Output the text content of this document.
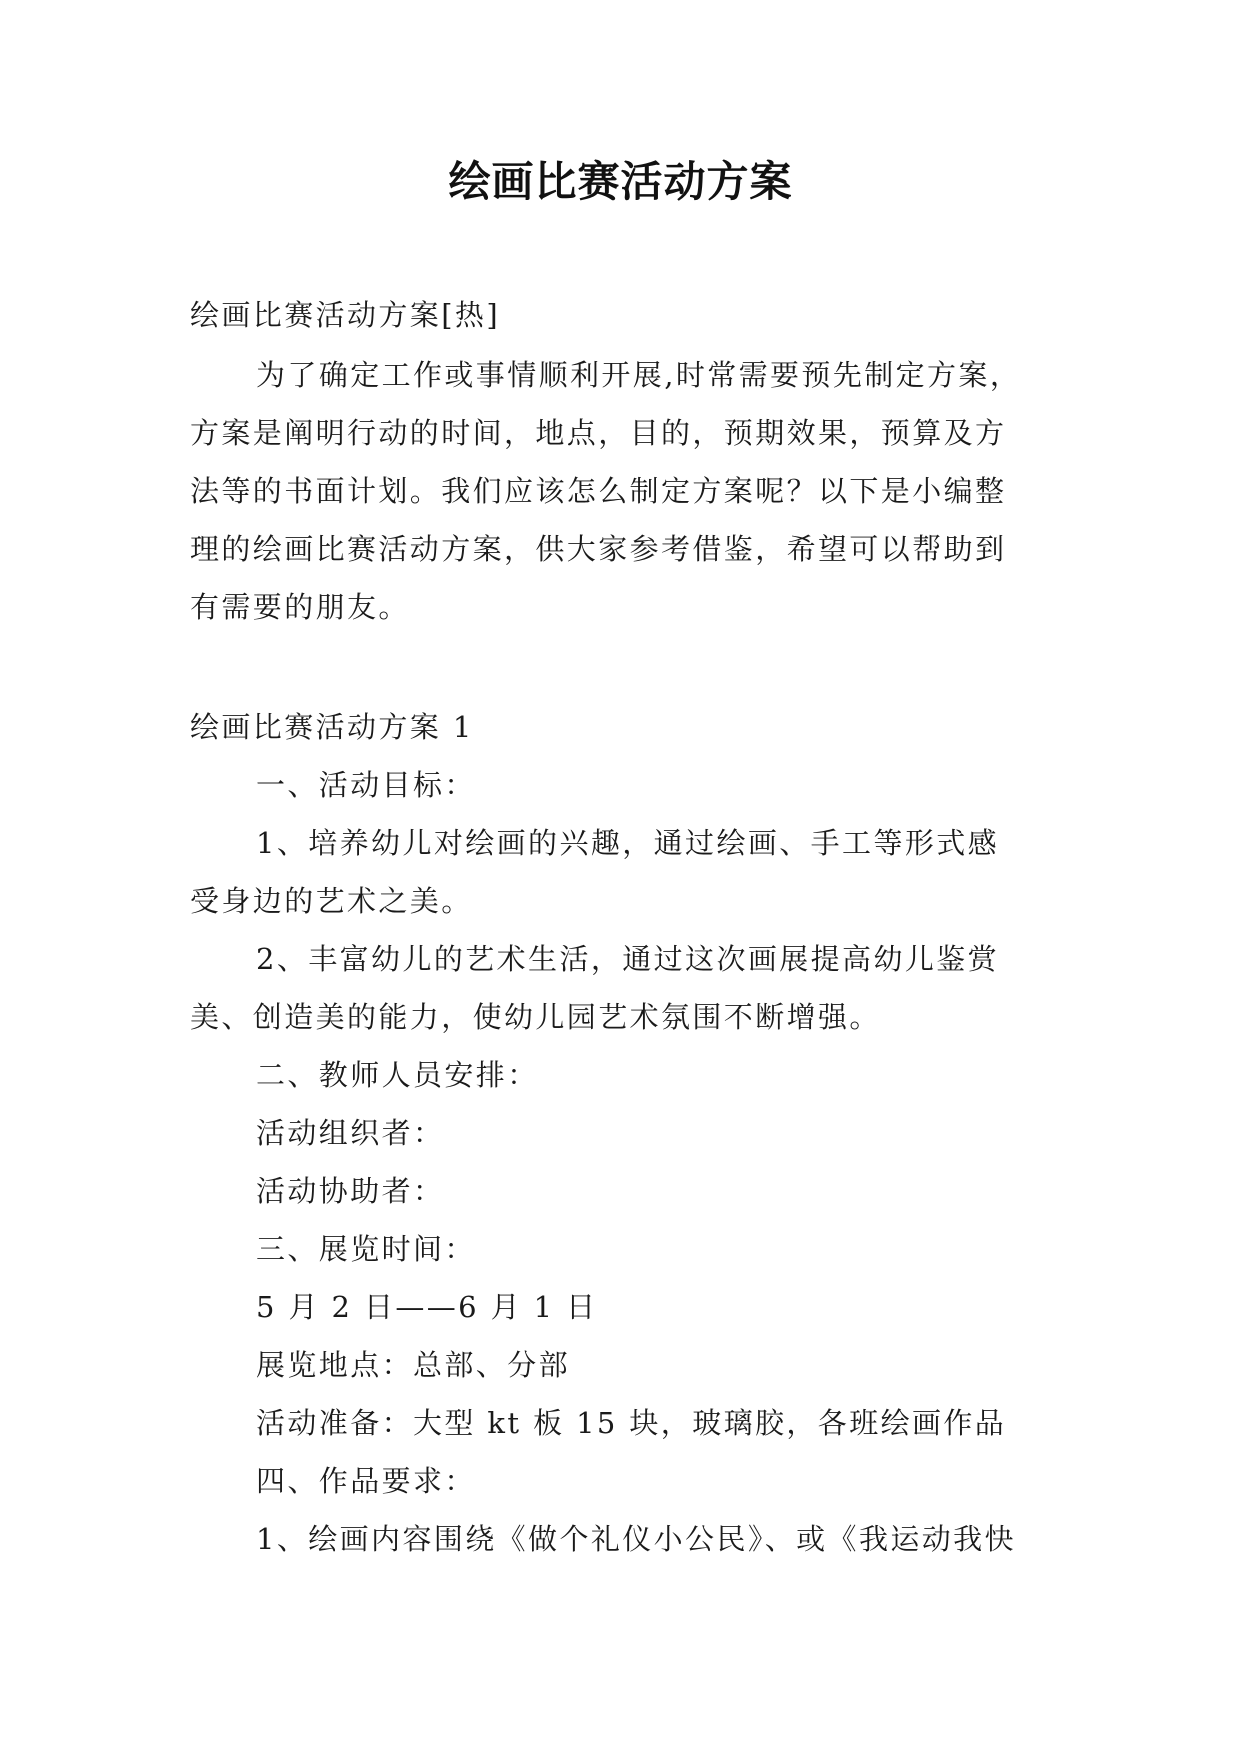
绘画比赛活动方案
绘画比赛活动方案[热]
为了确定工作或事情顺利开展,时常需要预先制定方案，
方案是阐明行动的时间，地点，目的，预期效果，预算及方
法等的书面计划。我们应该怎么制定方案呢？以下是小编整
理的绘画比赛活动方案，供大家参考借鉴，希望可以帮助到
有需要的朋友。
绘画比赛活动方案 1
一、活动目标：
1、培养幼儿对绘画的兴趣，通过绘画、手工等形式感
受身边的艺术之美。
2、丰富幼儿的艺术生活，通过这次画展提高幼儿鉴赏
美、创造美的能力，使幼儿园艺术氛围不断增强。
二、教师人员安排：
活动组织者：
活动协助者：
三、展览时间：
5 月 2 日——6 月 1 日
展览地点：总部、分部
活动准备：大型 kt 板 15 块，玻璃胶，各班绘画作品
四、作品要求：
1、绘画内容围绕《做个礼仪小公民》、或《我运动我快
